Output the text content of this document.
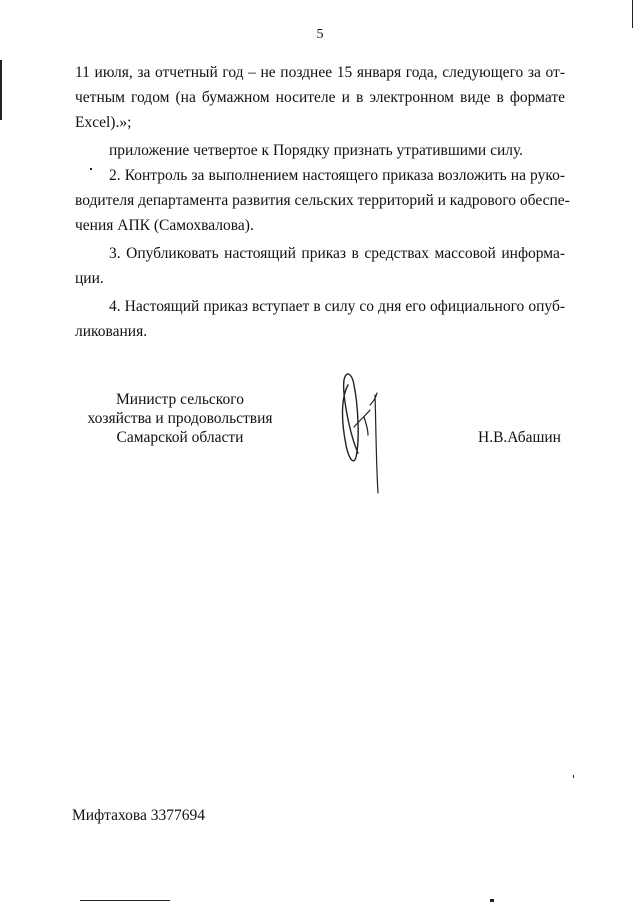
5
11 июля, за отчетный год – не позднее 15 января года, следующего за от-
четным годом (на бумажном носителе и в электронном виде в формате
Excel).»;
приложение четвертое к Порядку признать утратившими силу.
2. Контроль за выполнением настоящего приказа возложить на руко-
водителя департамента развития сельских территорий и кадрового обеспе-
чения АПК (Самохвалова).
3. Опубликовать настоящий приказ в средствах массовой информа-
ции.
4. Настоящий приказ вступает в силу со дня его официального опуб-
ликования.
Министр сельского
хозяйства и продовольствия
Самарской области	Н.В.Абашин
Мифтахова 3377694
